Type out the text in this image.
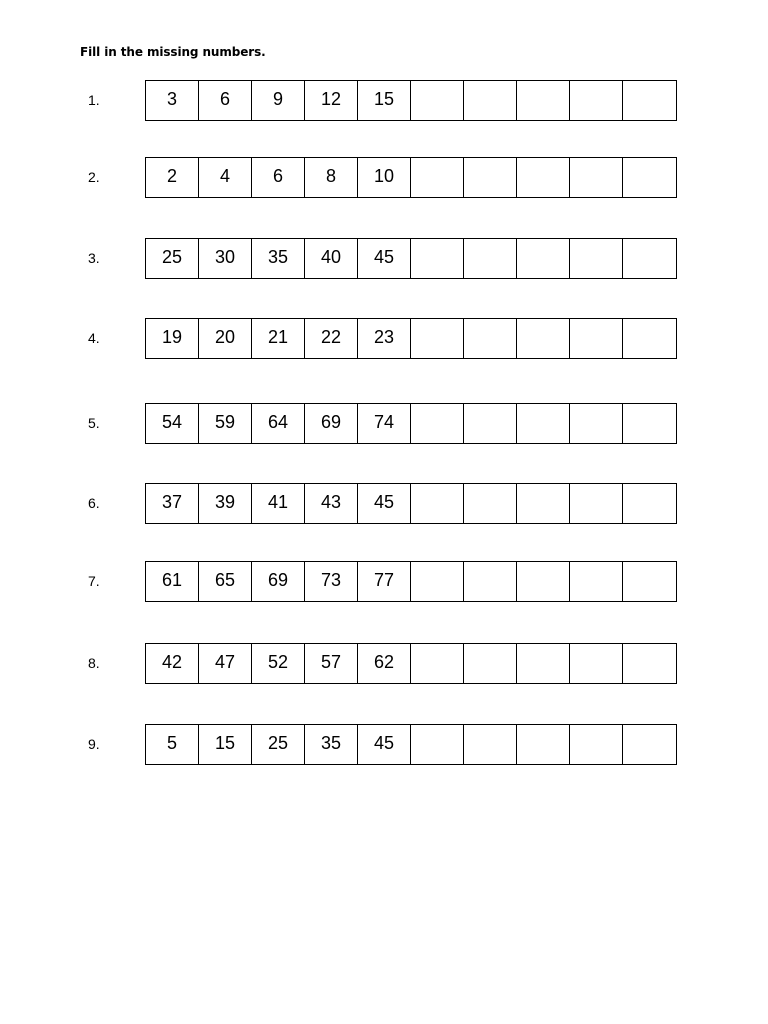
Fill in the missing numbers.
1.	3	6	9	12	15
2.	2	4	6	8	10
3.	25	30	35	40	45
4.	19	20	21	22	23
5.	54	59	64	69	74
6.	37	39	41	43	45
7.	61	65	69	73	77
8.	42	47	52	57	62
9.	5	15	25	35	45
